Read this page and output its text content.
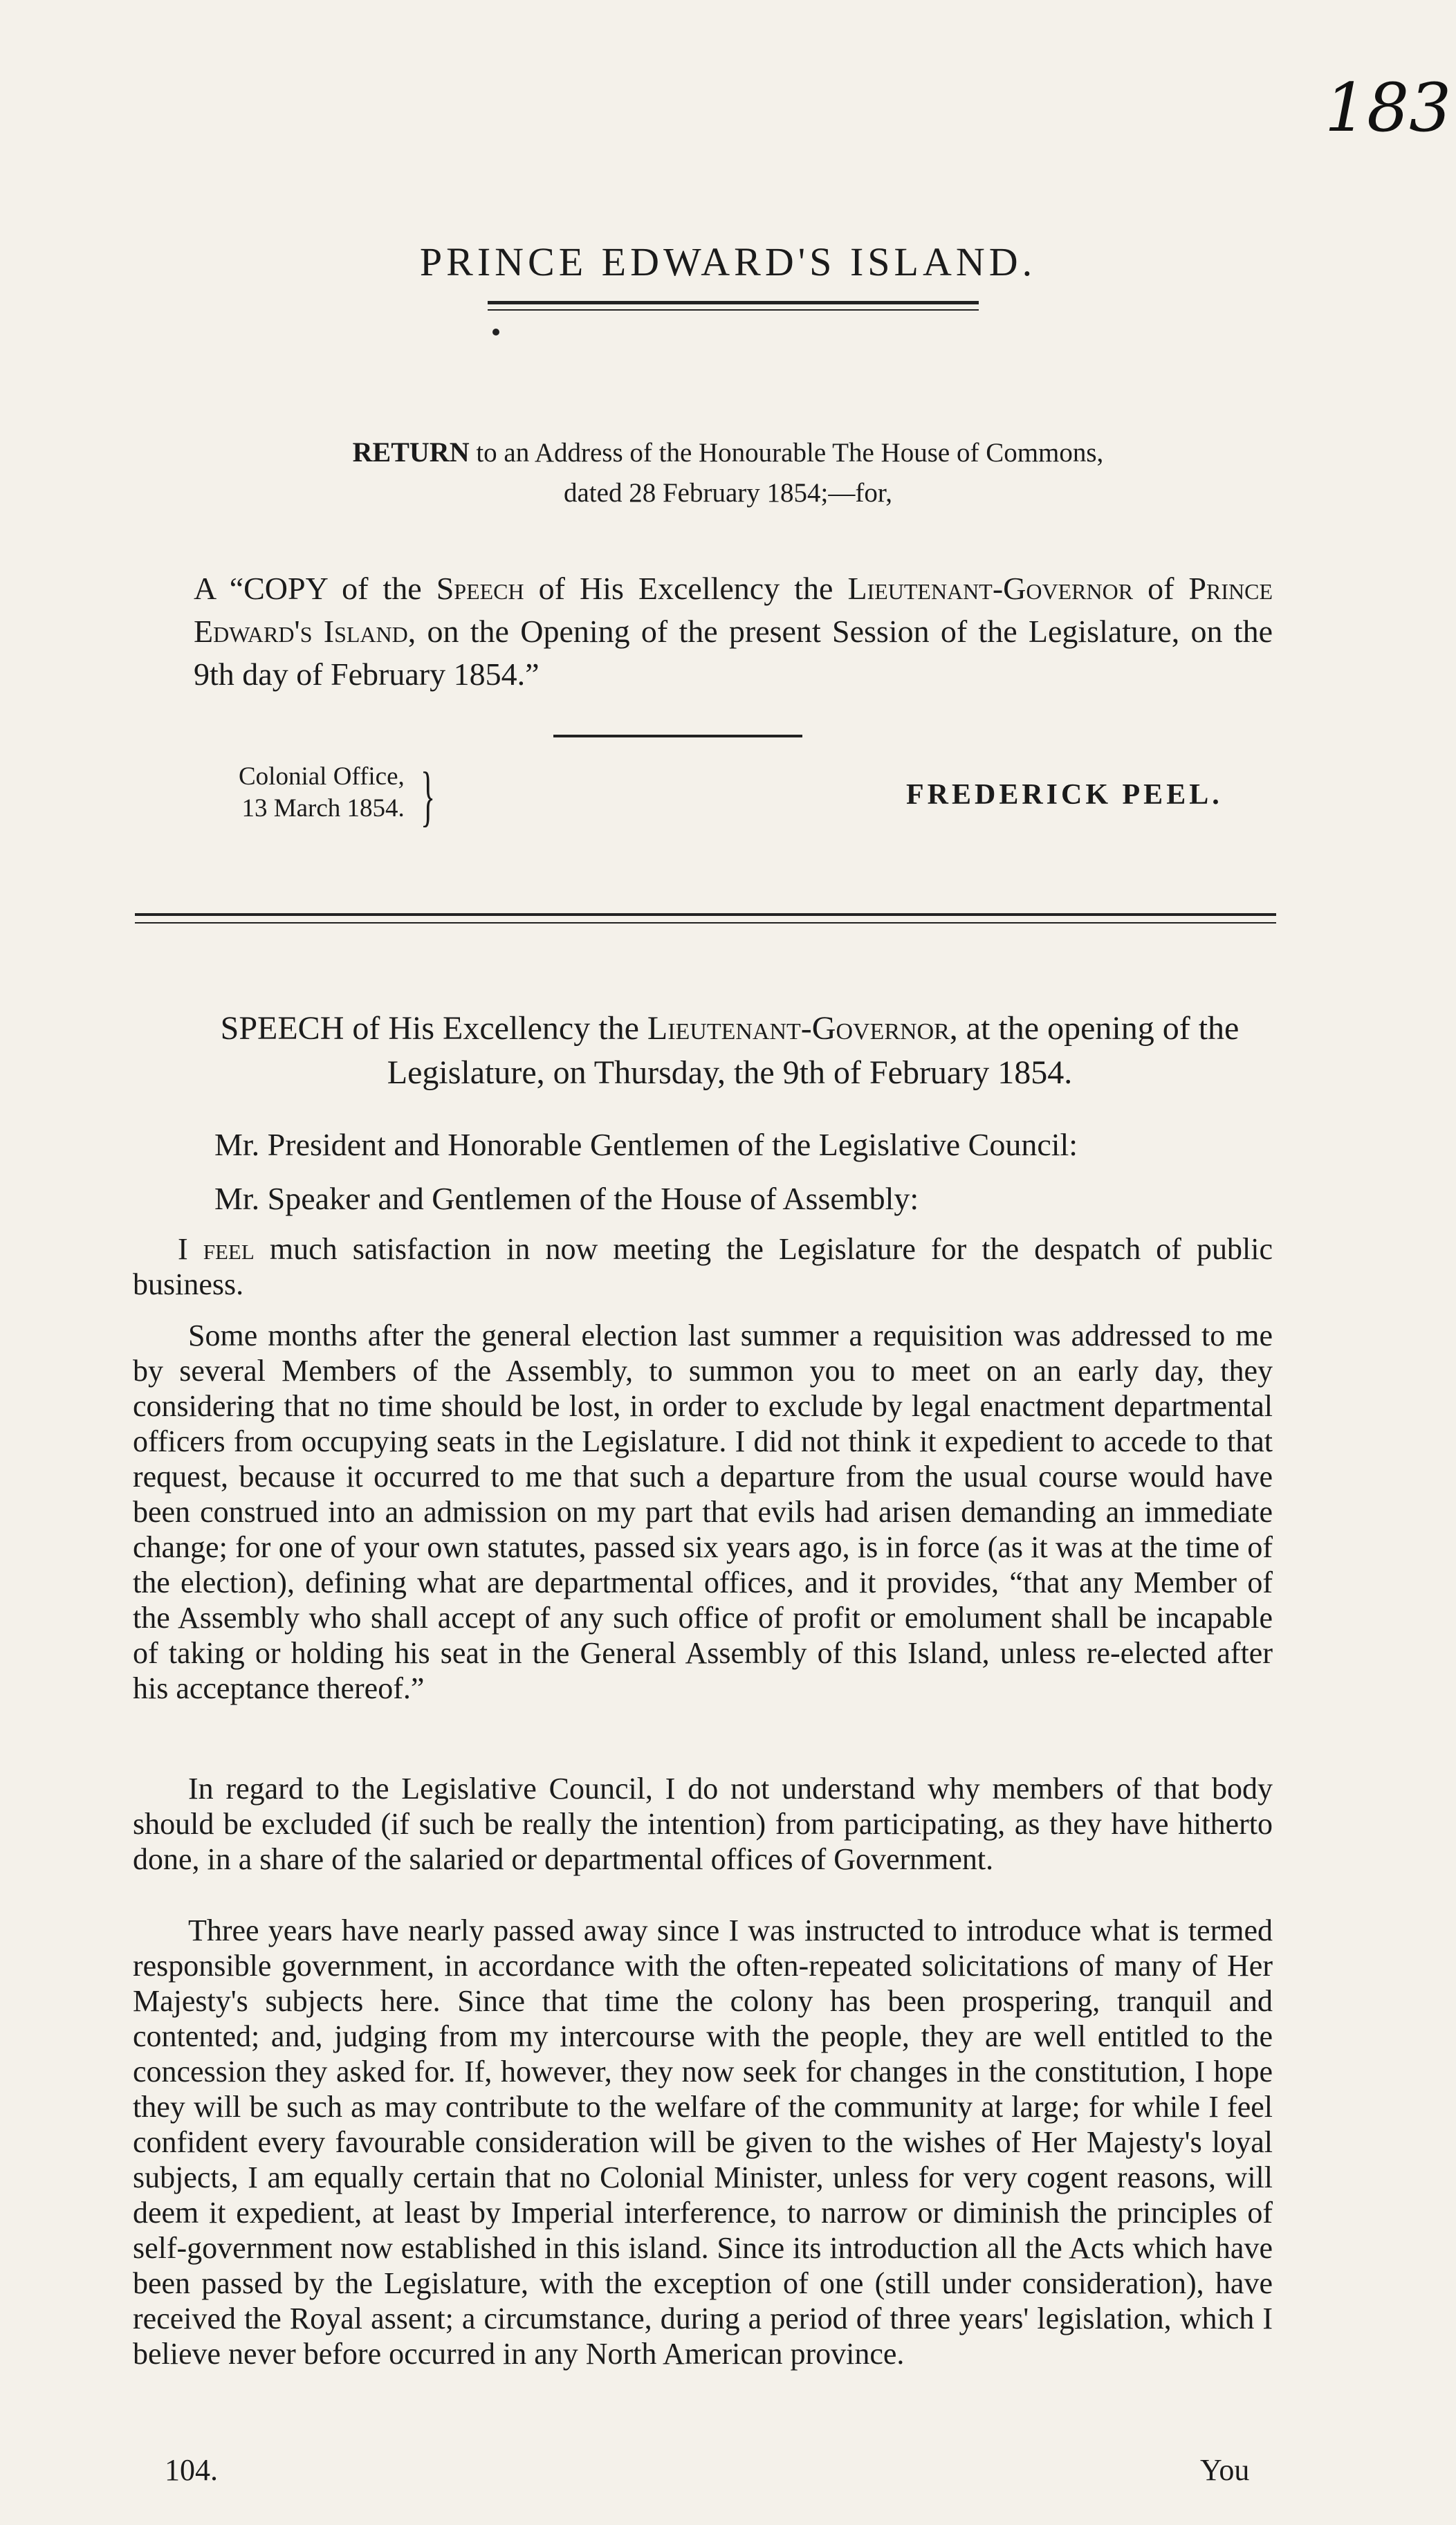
183
PRINCE EDWARD'S ISLAND.
RETURN to an Address of the Honourable The House of Commons,
dated 28 February 1854;—for,
A “COPY of the Speech of His Excellency the Lieutenant-Governor of Prince Edward's Island, on the Opening of the present Session of the Legislature, on the 9th day of February 1854.”
Colonial Office,
13 March 1854. }	FREDERICK PEEL.
SPEECH of His Excellency the Lieutenant-Governor, at the opening of the Legislature, on Thursday, the 9th of February 1854.
Mr. President and Honorable Gentlemen of the Legislative Council:
Mr. Speaker and Gentlemen of the House of Assembly:
I feel much satisfaction in now meeting the Legislature for the despatch of public business.
Some months after the general election last summer a requisition was addressed to me by several Members of the Assembly, to summon you to meet on an early day, they considering that no time should be lost, in order to exclude by legal enactment departmental officers from occupying seats in the Legislature. I did not think it expedient to accede to that request, because it occurred to me that such a departure from the usual course would have been construed into an admission on my part that evils had arisen demanding an immediate change; for one of your own statutes, passed six years ago, is in force (as it was at the time of the election), defining what are departmental offices, and it provides, “that any Member of the Assembly who shall accept of any such office of profit or emolument shall be incapable of taking or holding his seat in the General Assembly of this Island, unless re-elected after his acceptance thereof.”
In regard to the Legislative Council, I do not understand why members of that body should be excluded (if such be really the intention) from participating, as they have hitherto done, in a share of the salaried or departmental offices of Government.
Three years have nearly passed away since I was instructed to introduce what is termed responsible government, in accordance with the often-repeated solicitations of many of Her Majesty's subjects here. Since that time the colony has been prospering, tranquil and contented; and, judging from my intercourse with the people, they are well entitled to the concession they asked for. If, however, they now seek for changes in the constitution, I hope they will be such as may contribute to the welfare of the community at large; for while I feel confident every favourable consideration will be given to the wishes of Her Majesty's loyal subjects, I am equally certain that no Colonial Minister, unless for very cogent reasons, will deem it expedient, at least by Imperial interference, to narrow or diminish the principles of self-government now established in this island. Since its introduction all the Acts which have been passed by the Legislature, with the exception of one (still under consideration), have received the Royal assent; a circumstance, during a period of three years' legislation, which I believe never before occurred in any North American province.
104.	You
